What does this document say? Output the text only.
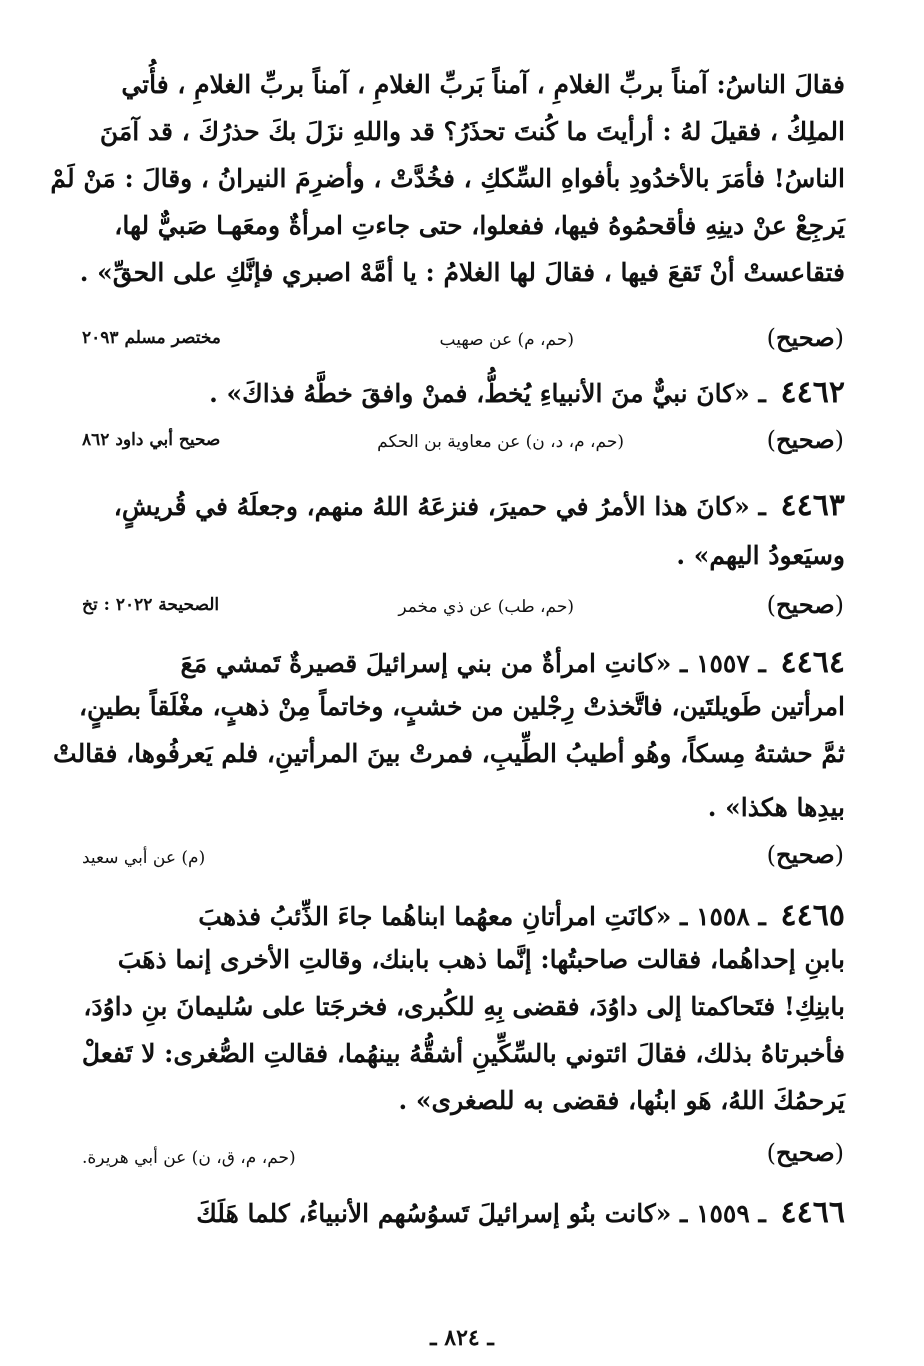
فقالَ الناسُ: آمناً بربِّ الغلامِ ، آمناً بَربِّ الغلامِ ، آمناً بربِّ الغلامِ ، فأُتي
الملِكُ ، فقيلَ لهُ : أرأيتَ ما كُنتَ تحذَرُ؟ قد واللهِ نزَلَ بكَ حذرُكَ ، قد آمَنَ
الناسُ! فأمَرَ بالأخدُودِ بأفواهِ السِّككِ ، فخُدَّتْ ، وأضرِمَ النيرانُ ، وقالَ : مَنْ لَمْ
يَرجِعْ عنْ دينِهِ فأقحمُوهُ فيها، ففعلوا، حتى جاءتِ امرأةٌ ومعَهـا صَبيٌّ لها،
فتقاعستْ أنْ تَقعَ فيها ، فقالَ لها الغلامُ : يا أمَّهْ اصبري فإنَّكِ على الحقِّ» .
(صحيح)
(حم، م) عن صهيب
مختصر مسلم ٢٠٩٣
٤٤٦٢ ـ «كانَ نبيٌّ منَ الأنبياءِ يُخطُّ، فمنْ وافقَ خطَّهُ فذاكَ» .
(صحيح)
(حم، م، د، ن) عن معاوية بن الحكم
صحيح أبي داود ٨٦٢
٤٤٦٣ ـ «كانَ هذا الأمرُ في حميرَ، فنزعَهُ اللهُ منهم، وجعلَهُ في قُريشٍ،
وسيَعودُ اليهم» .
(صحيح)
(حم، طب) عن ذي مخمر
الصحيحة ٢٠٢٢ : تخ
٤٤٦٤ ـ ١٥٥٧ ـ «كانتِ امرأةٌ من بني إسرائيلَ قصيرةٌ تَمشي مَعَ
امرأتين طَويلتَين، فاتَّخذتْ رِجْلين من خشبٍ، وخاتماً مِنْ ذهبٍ، مغْلَقاً بطينٍ،
ثمَّ حشتهُ مِسكاً، وهُو أطيبُ الطِّيبِ، فمرتْ بينَ المرأتينِ، فلم يَعرفُوها، فقالتْ
بيدِها هكذا» .
(صحيح)
(م) عن أبي سعيد
٤٤٦٥ ـ ١٥٥٨ ـ «كانَتِ امرأتانِ معهُما ابناهُما جاءَ الذِّئبُ فذهبَ
بابنِ إحداهُما، فقالت صاحبتُها: إنَّما ذهب بابنك، وقالتِ الأخرى إنما ذهَبَ
بابنِكِ! فتَحاكمتا إلى داوُدَ، فقضى بِهِ للكُبرى، فخرجَتا على سُليمانَ بنِ داوُدَ،
فأخبرتاهُ بذلك، فقالَ ائتوني بالسِّكِّينِ أشقُّهُ بينهُما، فقالتِ الصُّغرى: لا تَفعلْ
يَرحمُكَ اللهُ، هَو ابنُها، فقضى به للصغرى» .
(صحيح)
(حم، م، ق، ن) عن أبي هريرة.
٤٤٦٦ ـ ١٥٥٩ ـ «كانت بنُو إسرائيلَ تَسوُسُهم الأنبياءُ، كلما هَلَكَ
ـ ٨٢٤ ـ
